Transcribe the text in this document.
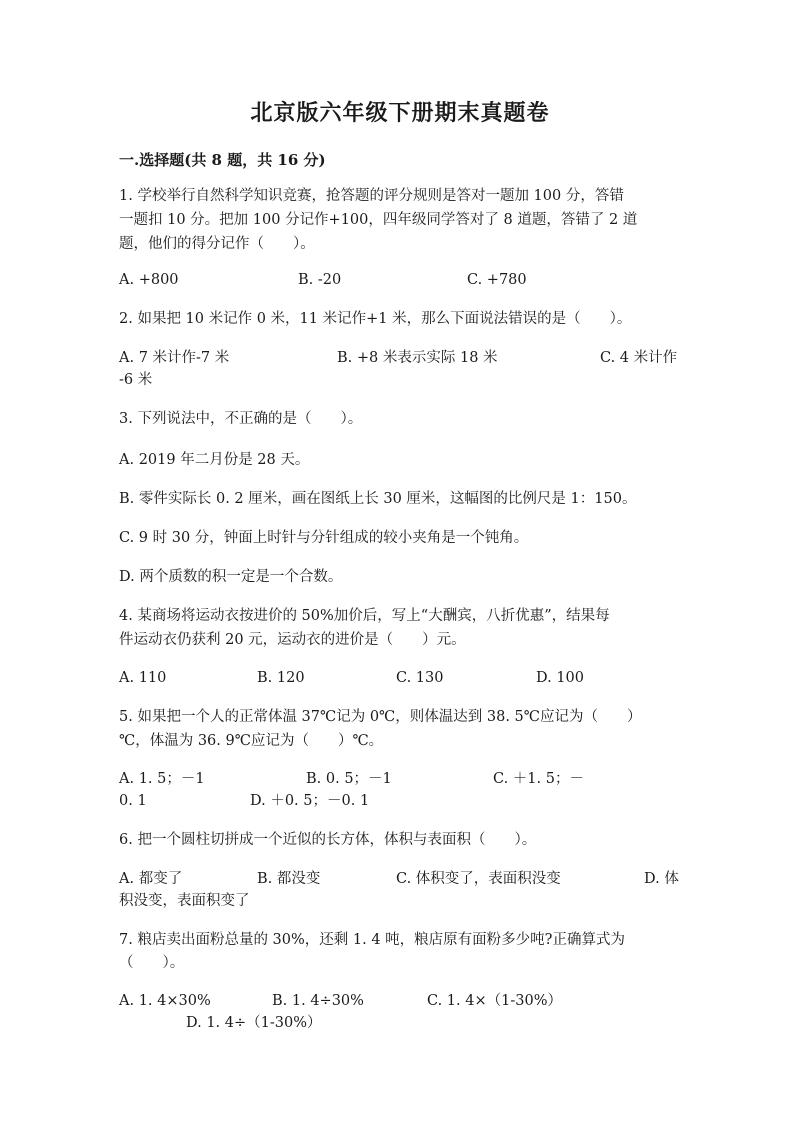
北京版六年级下册期末真题卷
一.选择题(共 8 题，共 16 分)
1. 学校举行自然科学知识竞赛，抢答题的评分规则是答对一题加 100 分，答错
一题扣 10 分。把加 100 分记作+100，四年级同学答对了 8 道题，答错了 2 道
题，他们的得分记作（　　）。
A. +800	B. -20	C. +780
2. 如果把 10 米记作 0 米，11 米记作+1 米，那么下面说法错误的是（　　）。
A. 7 米计作-7 米	B. +8 米表示实际 18 米	C. 4 米计作
-6 米
3. 下列说法中，不正确的是（　　）。
A. 2019 年二月份是 28 天。
B. 零件实际长 0. 2 厘米，画在图纸上长 30 厘米，这幅图的比例尺是 1：150。
C. 9 时 30 分，钟面上时针与分针组成的较小夹角是一个钝角。
D. 两个质数的积一定是一个合数。
4. 某商场将运动衣按进价的 50%加价后，写上“大酬宾，八折优惠”，结果每
件运动衣仍获利 20 元，运动衣的进价是（　　）元。
A. 110	B. 120	C. 130	D. 100
5. 如果把一个人的正常体温 37℃记为 0℃，则体温达到 38. 5℃应记为（　　）
℃，体温为 36. 9℃应记为（　　）℃。
A. 1. 5；－1	B. 0. 5；－1	C. ＋1. 5；－
0. 1	D. ＋0. 5；－0. 1
6. 把一个圆柱切拼成一个近似的长方体，体积与表面积（　　）。
A. 都变了	B. 都没变	C. 体积变了，表面积没变	D. 体
积没变，表面积变了
7. 粮店卖出面粉总量的 30%，还剩 1. 4 吨，粮店原有面粉多少吨?正确算式为
（　　）。
A. 1. 4×30%	B. 1. 4÷30%	C. 1. 4×（1-30%）
D. 1. 4÷（1-30%）
